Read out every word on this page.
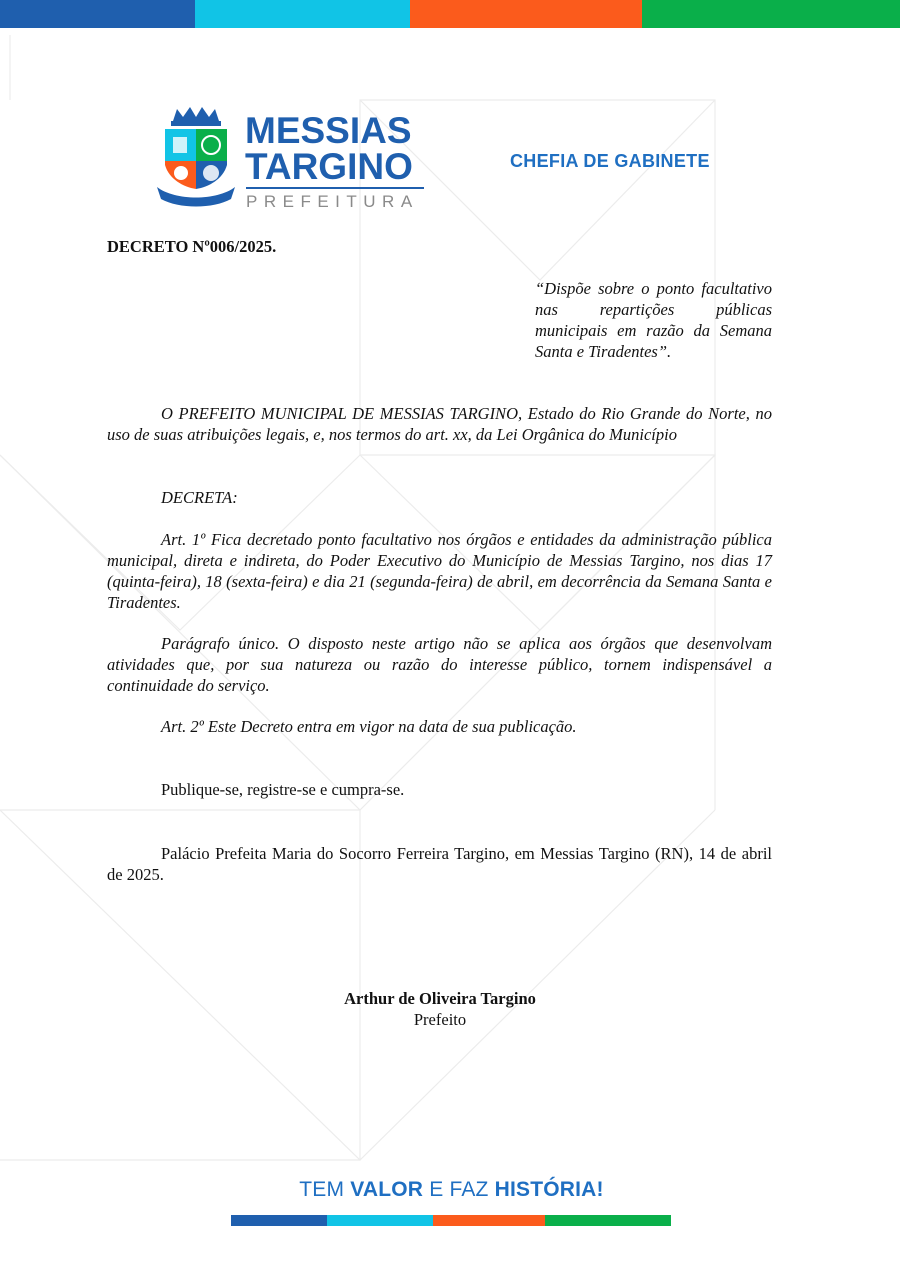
MESSIAS
TARGINO
PREFEITURA
CHEFIA DE GABINETE
DECRETO Nº006/2025.
“Dispõe sobre o ponto facultativo nas repartições públicas municipais em razão da Semana Santa e Tiradentes”.
O PREFEITO MUNICIPAL DE MESSIAS TARGINO, Estado do Rio Grande do Norte, no uso de suas atribuições legais, e, nos termos do art. xx, da Lei Orgânica do Município
DECRETA:
Art. 1º Fica decretado ponto facultativo nos órgãos e entidades da administração pública municipal, direta e indireta, do Poder Executivo do Município de Messias Targino, nos dias 17 (quinta-feira), 18 (sexta-feira) e dia 21 (segunda-feira) de abril, em decorrência da Semana Santa e Tiradentes.
Parágrafo único. O disposto neste artigo não se aplica aos órgãos que desenvolvam atividades que, por sua natureza ou razão do interesse público, tornem indispensável a continuidade do serviço.
Art. 2º Este Decreto entra em vigor na data de sua publicação.
Publique-se, registre-se e cumpra-se.
Palácio Prefeita Maria do Socorro Ferreira Targino, em Messias Targino (RN), 14 de abril de 2025.
Arthur de Oliveira Targino
Prefeito
TEM VALOR E FAZ HISTÓRIA!
